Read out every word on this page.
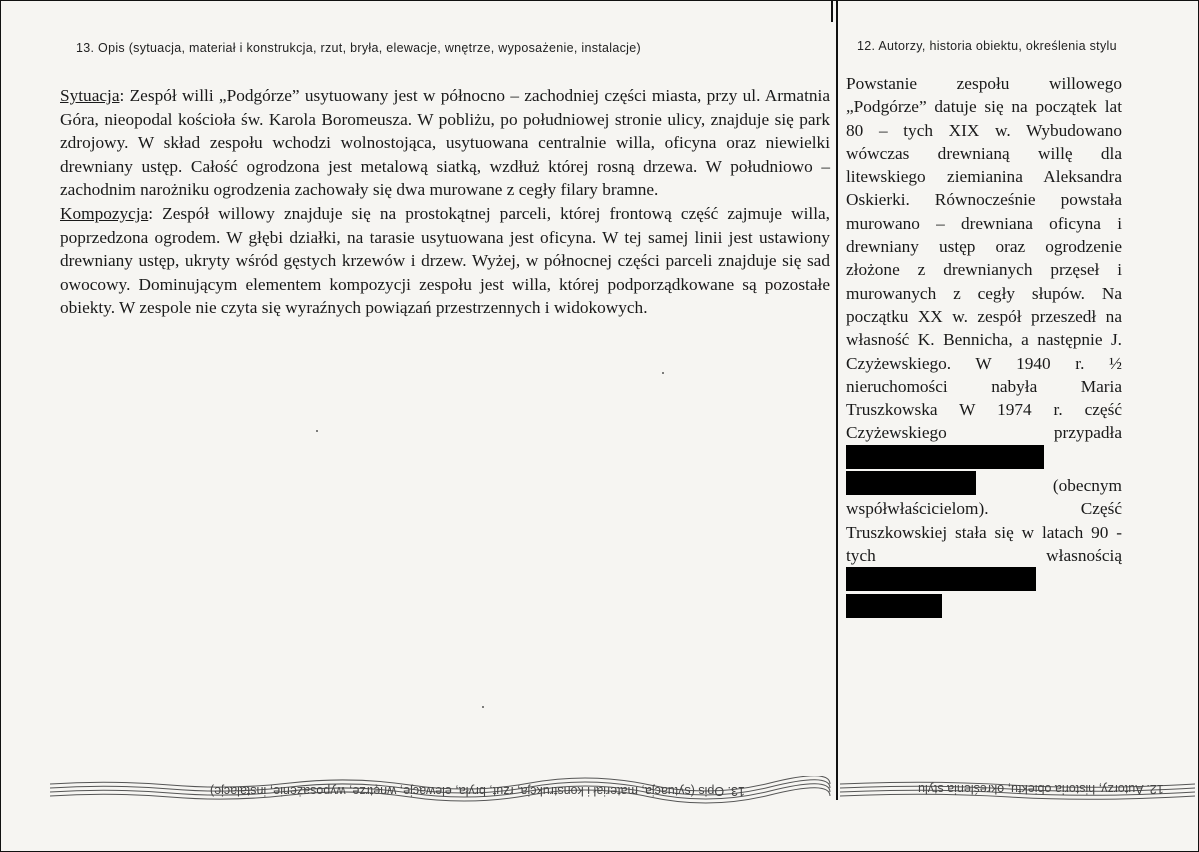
13. Opis (sytuacja, materiał i konstrukcja, rzut, bryła, elewacje, wnętrze, wyposażenie, instalacje)	12. Autorzy, historia obiektu, określenia stylu

Sytuacja: Zespół willi „Podgórze” usytuowany jest w północno – zachodniej części miasta, przy ul. Armatnia Góra, nieopodal kościoła św. Karola Boromeusza. W pobliżu, po południowej stronie ulicy, znajduje się park zdrojowy. W skład zespołu wchodzi wolnostojąca, usytuowana centralnie willa, oficyna oraz niewielki drewniany ustęp. Całość ogrodzona jest metalową siatką, wzdłuż której rosną drzewa. W południowo – zachodnim narożniku ogrodzenia zachowały się dwa murowane z cegły filary bramne.

Kompozycja: Zespół willowy znajduje się na prostokątnej parceli, której frontową część zajmuje willa, poprzedzona ogrodem. W głębi działki, na tarasie usytuowana jest oficyna. W tej samej linii jest ustawiony drewniany ustęp, ukryty wśród gęstych krzewów i drzew. Wyżej, w północnej części parceli znajduje się sad owocowy. Dominującym elementem kompozycji zespołu jest willa, której podporządkowane są pozostałe obiekty. W zespole nie czyta się wyraźnych powiązań przestrzennych i widokowych.

Powstanie zespołu willowego „Podgórze” datuje się na początek lat 80 – tych XIX w. Wybudowano wówczas drewnianą willę dla litewskiego ziemianina Aleksandra Oskierki. Równocześnie powstała murowano – drewniana oficyna i drewniany ustęp oraz ogrodzenie złożone z drewnianych przęseł i murowanych z cegły słupów. Na początku XX w. zespół przeszedł na własność K. Bennicha, a następnie J. Czyżewskiego. W 1940 r. ½ nieruchomości nabyła Maria Truszkowska W 1974 r. część Czyżewskiego przypadła (obecnym współwłaścicielom). Część Truszkowskiej stała się w latach 90 - tych własnością

13. Opis (sytuacja, materiał i konstrukcja, rzut, bryła, elewacje, wnętrze, wyposażenie, instalacje)	12. Autorzy, historia obiektu, określenia stylu
